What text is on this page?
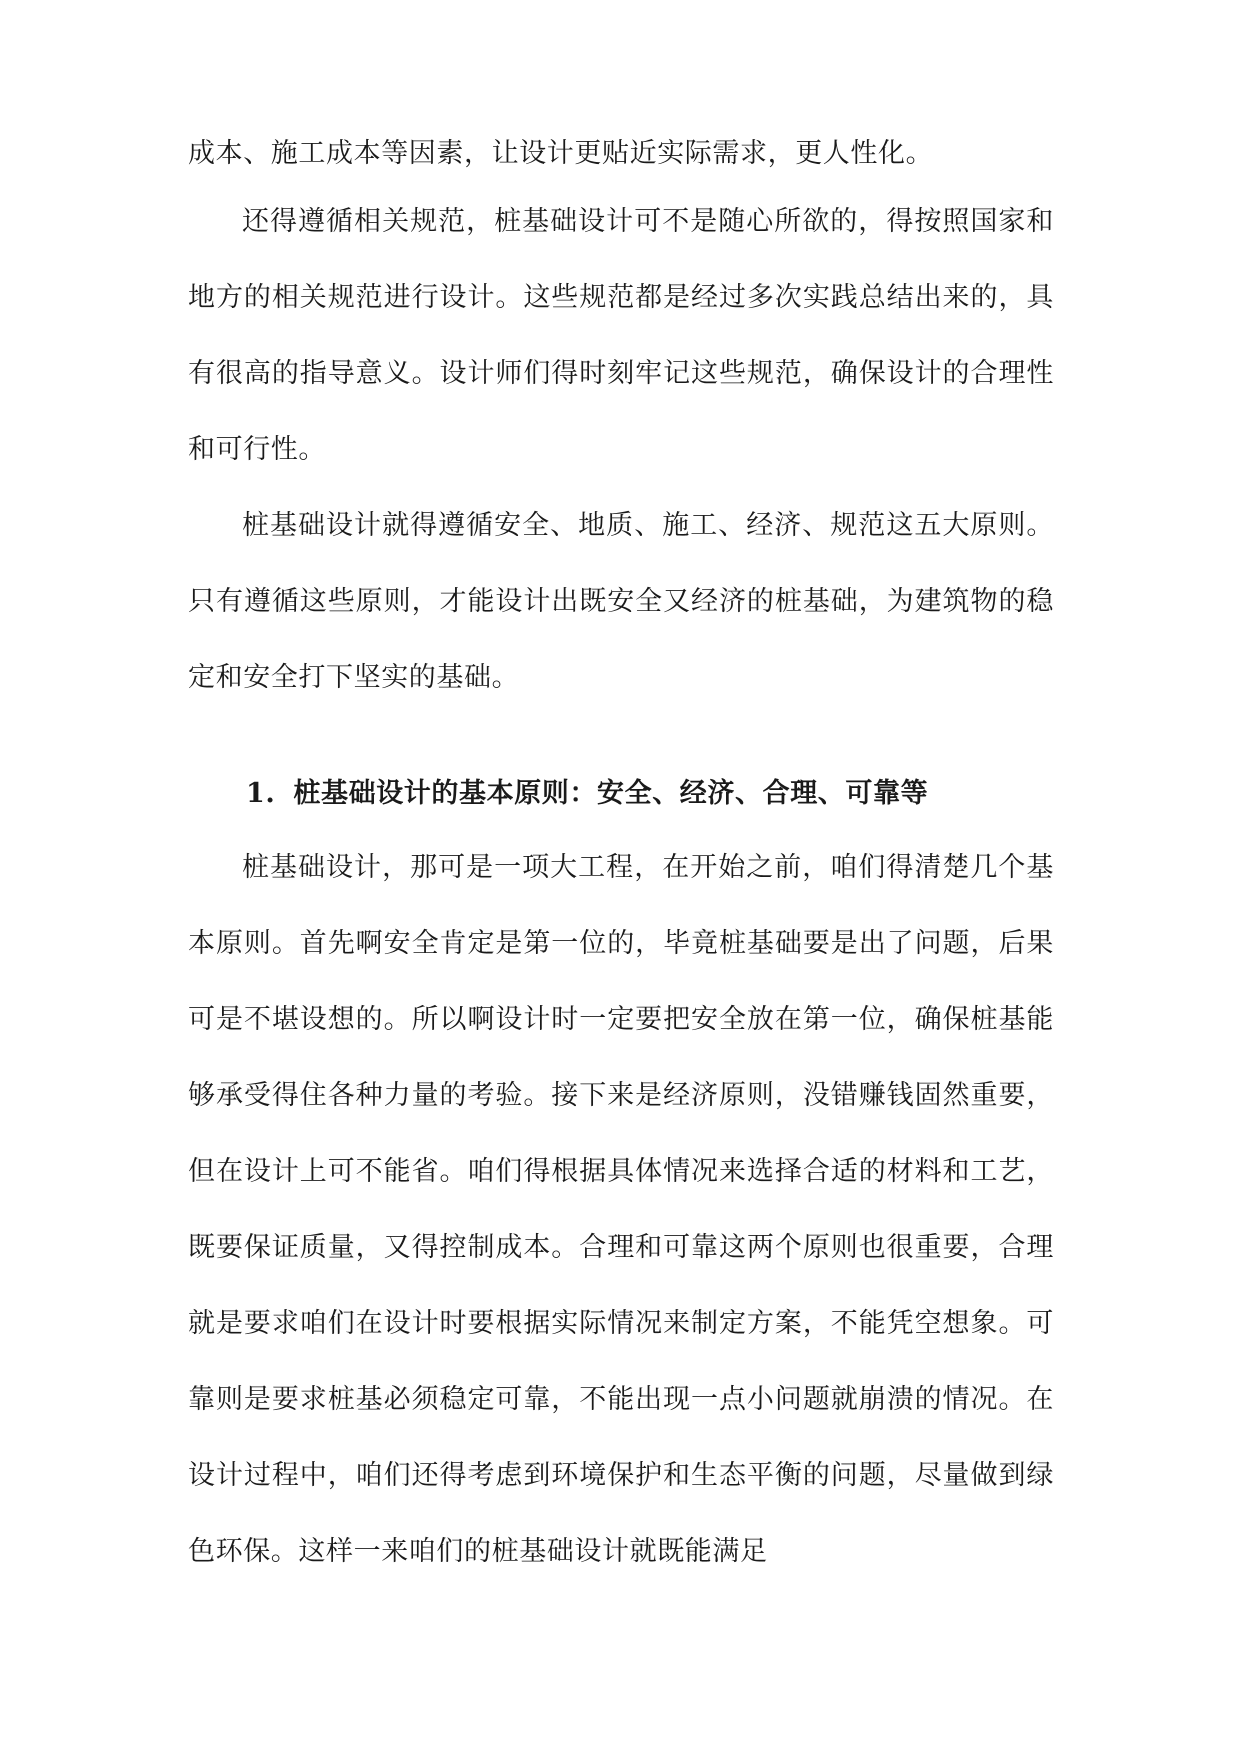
成本、施工成本等因素，让设计更贴近实际需求，更人性化。

还得遵循相关规范，桩基础设计可不是随心所欲的，得按照国家和地方的相关规范进行设计。这些规范都是经过多次实践总结出来的，具有很高的指导意义。设计师们得时刻牢记这些规范，确保设计的合理性和可行性。

桩基础设计就得遵循安全、地质、施工、经济、规范这五大原则。只有遵循这些原则，才能设计出既安全又经济的桩基础，为建筑物的稳定和安全打下坚实的基础。

1. 桩基础设计的基本原则：安全、经济、合理、可靠等

桩基础设计，那可是一项大工程，在开始之前，咱们得清楚几个基本原则。首先啊安全肯定是第一位的，毕竟桩基础要是出了问题，后果可是不堪设想的。所以啊设计时一定要把安全放在第一位，确保桩基能够承受得住各种力量的考验。接下来是经济原则，没错赚钱固然重要，但在设计上可不能省。咱们得根据具体情况来选择合适的材料和工艺，既要保证质量，又得控制成本。合理和可靠这两个原则也很重要，合理就是要求咱们在设计时要根据实际情况来制定方案，不能凭空想象。可靠则是要求桩基必须稳定可靠，不能出现一点小问题就崩溃的情况。在设计过程中，咱们还得考虑到环境保护和生态平衡的问题，尽量做到绿色环保。这样一来咱们的桩基础设计就既能满足
